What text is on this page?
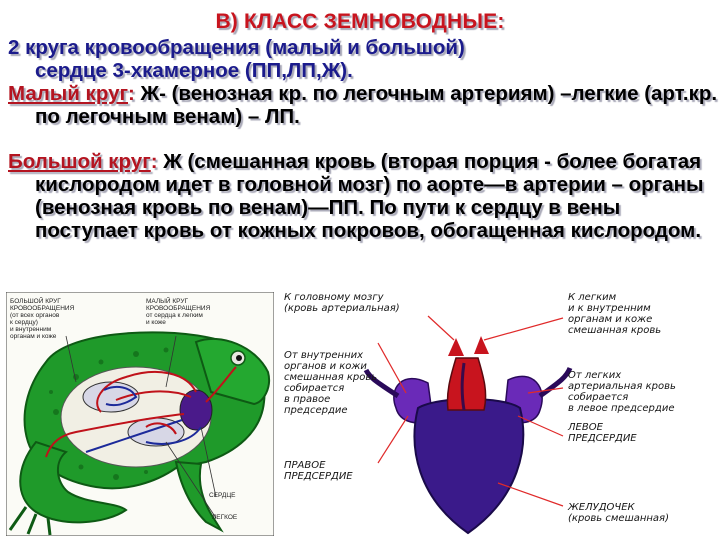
В) КЛАСС ЗЕМНОВОДНЫЕ:
2 круга кровообращения (малый и большой)
сердце 3-хкамерное (ПП,ЛП,Ж).
Малый круг: Ж- (венозная кр. по легочным артериям) –легкие (арт.кр. по легочным венам) – ЛП.
Большой круг: Ж (смешанная кровь (вторая порция - более богатая кислородом идет в головной мозг) по аорте—в артерии – органы (венозная кровь по венам)—ПП. По пути к сердцу в вены поступает кровь от кожных покровов, обогащенная кислородом.
БОЛЬШОЙ КРУГ
КРОВООБРАЩЕНИЯ
(от всех органов
к сердцу)
и внутренним
органам и коже
МАЛЫЙ КРУГ
КРОВООБРАЩЕНИЯ
от сердца к легким
и коже
СЕРДЦЕ
ЛЕГКОЕ
К головному мозгу
(кровь артериальная)
К легким
и к внутренним
органам и коже
смешанная кровь
От внутренних
органов и кожи
смешанная кровь
собирается
в правое
предсердие
От легких
артериальная кровь
собирается
в левое предсердие
ЛЕВОЕ
ПРЕДСЕРДИЕ
ПРАВОЕ
ПРЕДСЕРДИЕ
ЖЕЛУДОЧЕК
(кровь смешанная)
